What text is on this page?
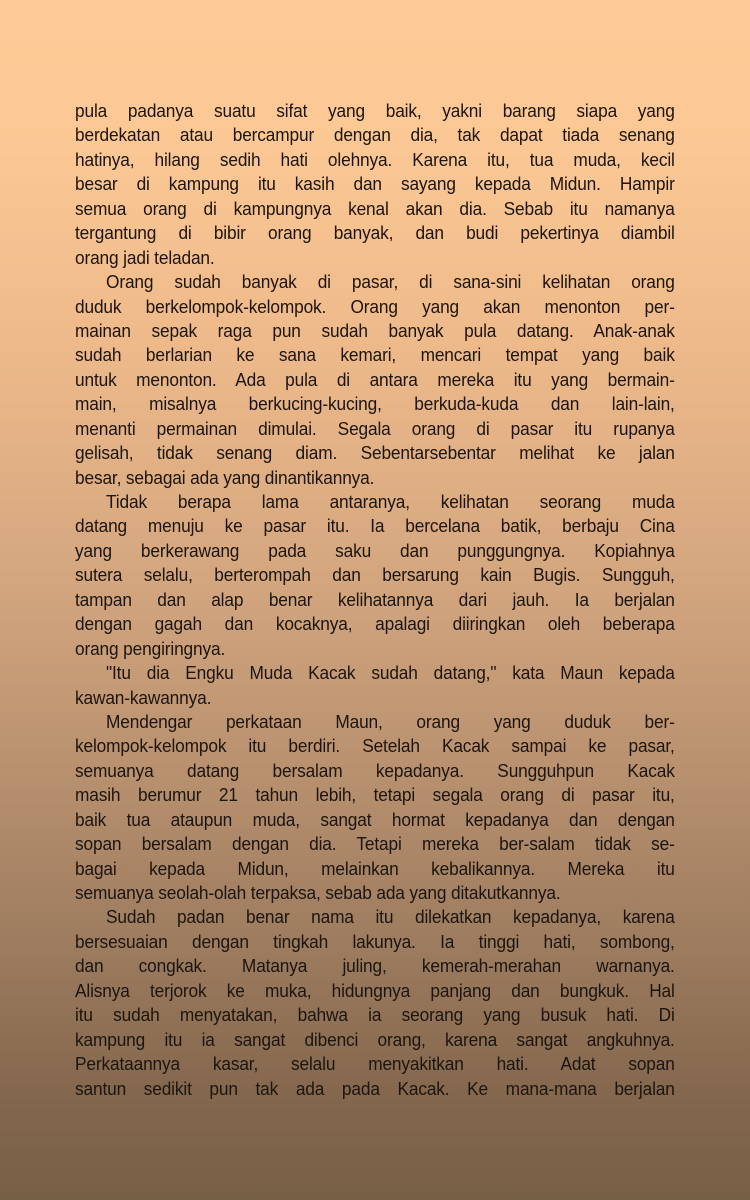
pula padanya suatu sifat yang baik, yakni barang siapa yang
berdekatan atau bercampur dengan dia, tak dapat tiada senang
hatinya, hilang sedih hati olehnya. Karena itu, tua muda, kecil
besar di kampung itu kasih dan sayang kepada Midun. Hampir
semua orang di kampungnya kenal akan dia. Sebab itu namanya
tergantung di bibir orang banyak, dan budi pekertinya diambil
orang jadi teladan.
Orang sudah banyak di pasar, di sana-sini kelihatan orang
duduk berkelompok-kelompok. Orang yang akan menonton per-
mainan sepak raga pun sudah banyak pula datang. Anak-anak
sudah berlarian ke sana kemari, mencari tempat yang baik
untuk menonton. Ada pula di antara mereka itu yang bermain-
main, misalnya berkucing-kucing, berkuda-kuda dan lain-lain,
menanti permainan dimulai. Segala orang di pasar itu rupanya
gelisah, tidak senang diam. Sebentarsebentar melihat ke jalan
besar, sebagai ada yang dinantikannya.
Tidak berapa lama antaranya, kelihatan seorang muda
datang menuju ke pasar itu. Ia bercelana batik, berbaju Cina
yang berkerawang pada saku dan punggungnya. Kopiahnya
sutera selalu, berterompah dan bersarung kain Bugis. Sungguh,
tampan dan alap benar kelihatannya dari jauh. Ia berjalan
dengan gagah dan kocaknya, apalagi diiringkan oleh beberapa
orang pengiringnya.
"Itu dia Engku Muda Kacak sudah datang," kata Maun kepada
kawan-kawannya.
Mendengar perkataan Maun, orang yang duduk ber-
kelompok-kelompok itu berdiri. Setelah Kacak sampai ke pasar,
semuanya datang bersalam kepadanya. Sungguhpun Kacak
masih berumur 21 tahun lebih, tetapi segala orang di pasar itu,
baik tua ataupun muda, sangat hormat kepadanya dan dengan
sopan bersalam dengan dia. Tetapi mereka ber-salam tidak se-
bagai kepada Midun, melainkan kebalikannya. Mereka itu
semuanya seolah-olah terpaksa, sebab ada yang ditakutkannya.
Sudah padan benar nama itu dilekatkan kepadanya, karena
bersesuaian dengan tingkah lakunya. Ia tinggi hati, sombong,
dan congkak. Matanya juling, kemerah-merahan warnanya.
Alisnya terjorok ke muka, hidungnya panjang dan bungkuk. Hal
itu sudah menyatakan, bahwa ia seorang yang busuk hati. Di
kampung itu ia sangat dibenci orang, karena sangat angkuhnya.
Perkataannya kasar, selalu menyakitkan hati. Adat sopan
santun sedikit pun tak ada pada Kacak. Ke mana-mana berjalan
